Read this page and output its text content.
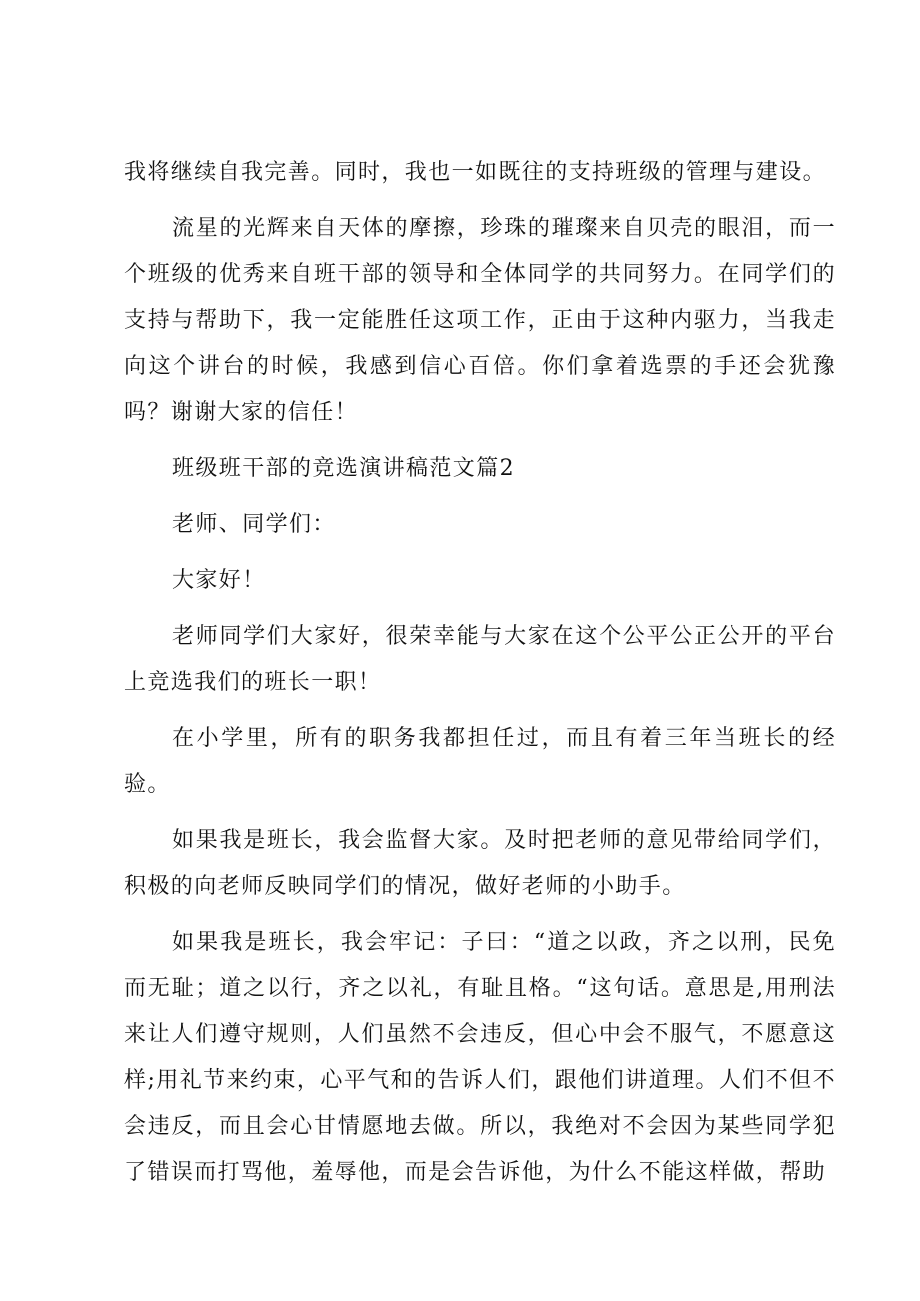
我将继续自我完善。同时，我也一如既往的支持班级的管理与建设。

流星的光辉来自天体的摩擦，珍珠的璀璨来自贝壳的眼泪，而一个班级的优秀来自班干部的领导和全体同学的共同努力。在同学们的支持与帮助下，我一定能胜任这项工作，正由于这种内驱力，当我走向这个讲台的时候，我感到信心百倍。你们拿着选票的手还会犹豫吗？谢谢大家的信任！

班级班干部的竞选演讲稿范文篇2

老师、同学们：

大家好！

老师同学们大家好，很荣幸能与大家在这个公平公正公开的平台上竞选我们的班长一职！

在小学里，所有的职务我都担任过，而且有着三年当班长的经验。

如果我是班长，我会监督大家。及时把老师的意见带给同学们，积极的向老师反映同学们的情况，做好老师的小助手。

如果我是班长，我会牢记：子曰：“道之以政，齐之以刑，民免而无耻；道之以行，齐之以礼，有耻且格。“这句话。意思是,用刑法来让人们遵守规则，人们虽然不会违反，但心中会不服气，不愿意这样;用礼节来约束，心平气和的告诉人们，跟他们讲道理。人们不但不会违反，而且会心甘情愿地去做。所以，我绝对不会因为某些同学犯了错误而打骂他，羞辱他，而是会告诉他，为什么不能这样做，帮助
